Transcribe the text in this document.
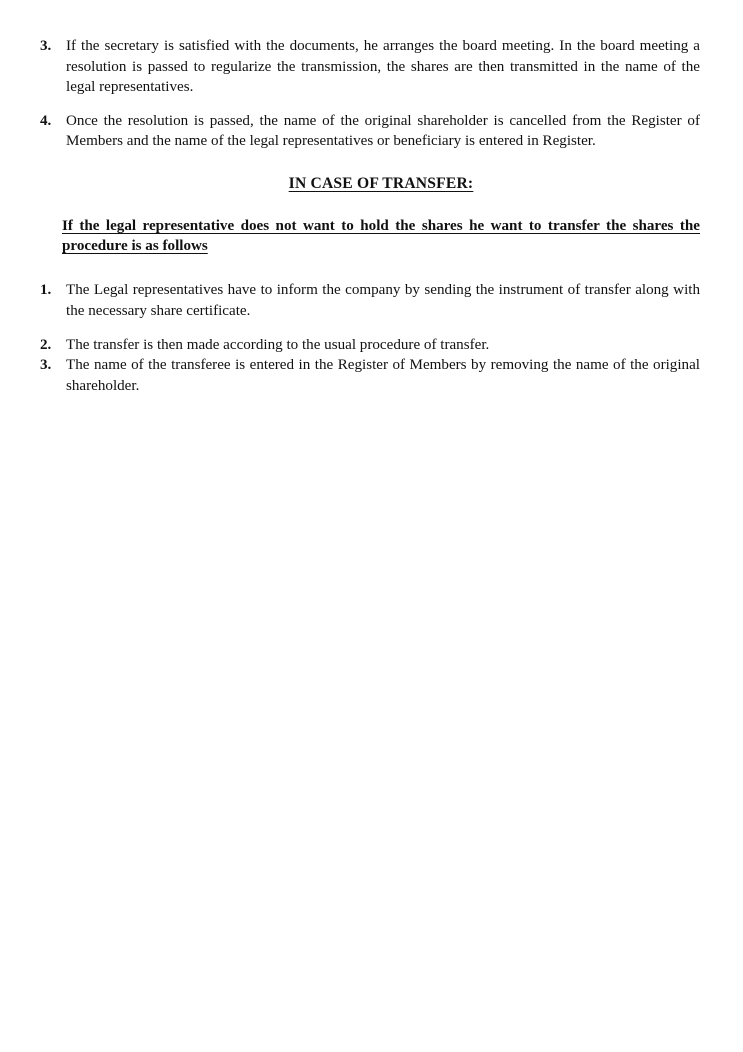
3. If the secretary is satisfied with the documents, he arranges the board meeting. In the board meeting a resolution is passed to regularize the transmission, the shares are then transmitted in the name of the legal representatives.
4. Once the resolution is passed, the name of the original shareholder is cancelled from the Register of Members and the name of the legal representatives or beneficiary is entered in Register.
IN CASE OF TRANSFER:
If the legal representative does not want to hold the shares he want to transfer the shares the procedure is as follows
1. The Legal representatives have to inform the company by sending the instrument of transfer along with the necessary share certificate.
2. The transfer is then made according to the usual procedure of transfer.
3. The name of the transferee is entered in the Register of Members by removing the name of the original shareholder.
